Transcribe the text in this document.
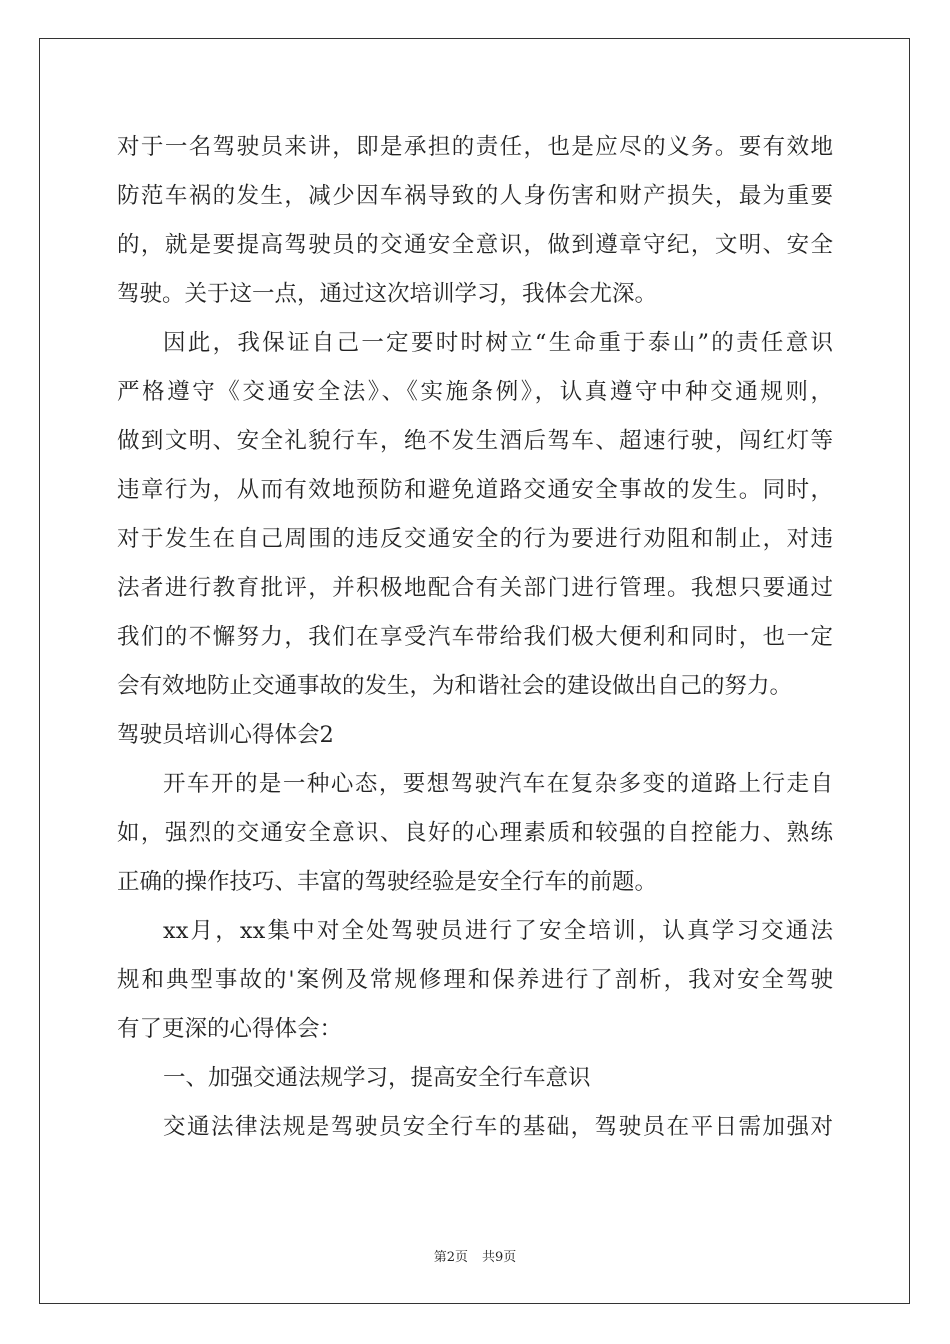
对于一名驾驶员来讲，即是承担的责任，也是应尽的义务。要有效地
防范车祸的发生，减少因车祸导致的人身伤害和财产损失，最为重要
的，就是要提高驾驶员的交通安全意识，做到遵章守纪，文明、安全
驾驶。关于这一点，通过这次培训学习，我体会尤深。
因此，我保证自己一定要时时树立“生命重于泰山”的责任意识
严格遵守《交通安全法》、《实施条例》，认真遵守中种交通规则，
做到文明、安全礼貌行车，绝不发生酒后驾车、超速行驶，闯红灯等
违章行为，从而有效地预防和避免道路交通安全事故的发生。同时，
对于发生在自己周围的违反交通安全的行为要进行劝阻和制止，对违
法者进行教育批评，并积极地配合有关部门进行管理。我想只要通过
我们的不懈努力，我们在享受汽车带给我们极大便利和同时，也一定
会有效地防止交通事故的发生，为和谐社会的建设做出自己的努力。
驾驶员培训心得体会2
开车开的是一种心态，要想驾驶汽车在复杂多变的道路上行走自
如，强烈的交通安全意识、良好的心理素质和较强的自控能力、熟练
正确的操作技巧、丰富的驾驶经验是安全行车的前题。
xx月，xx集中对全处驾驶员进行了安全培训，认真学习交通法
规和典型事故的'案例及常规修理和保养进行了剖析，我对安全驾驶
有了更深的心得体会：
一、加强交通法规学习，提高安全行车意识
交通法律法规是驾驶员安全行车的基础，驾驶员在平日需加强对
第2页 共9页
